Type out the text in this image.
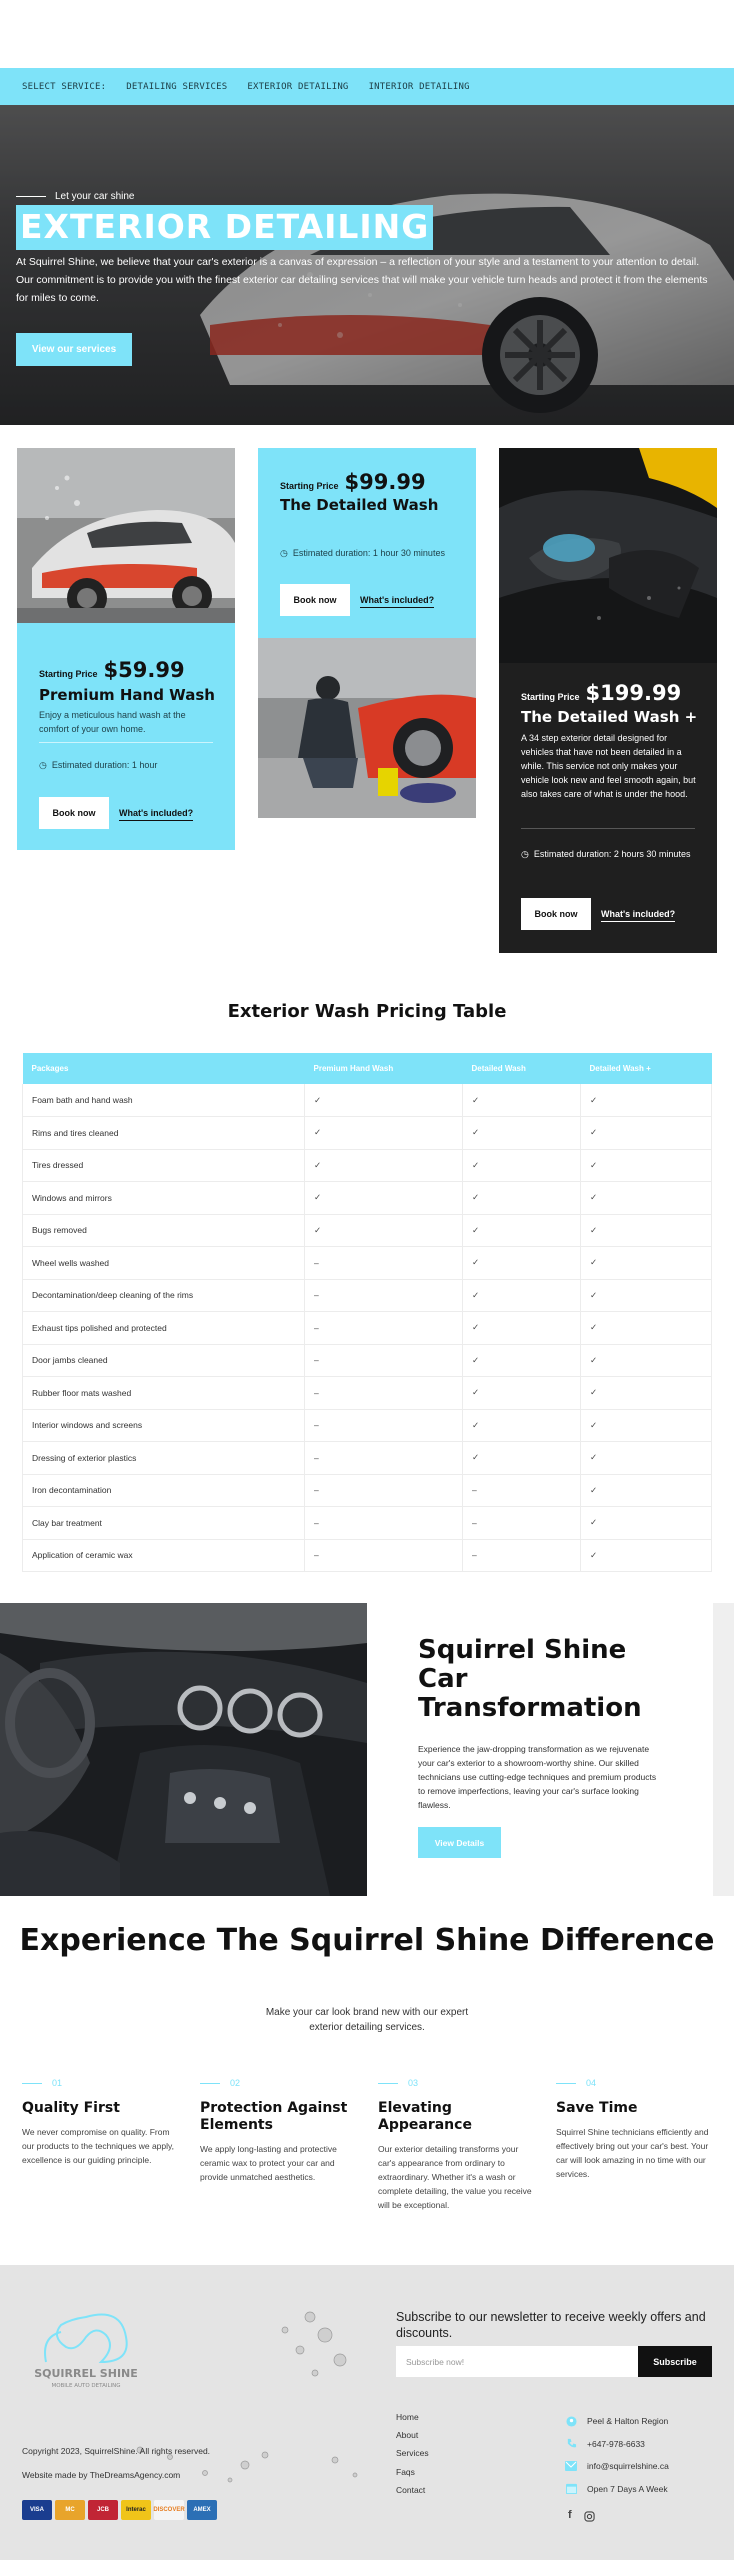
SELECT SERVICE: DETAILING SERVICES EXTERIOR DETAILING INTERIOR DETAILING
Let your car shine
EXTERIOR DETAILING
At Squirrel Shine, we believe that your car's exterior is a canvas of expression – a reflection of your style and a testament to your attention to detail. Our commitment is to provide you with the finest exterior car detailing services that will make your vehicle turn heads and protect it from the elements for miles to come.
View our services
Starting Price $59.99
Premium Hand Wash
Enjoy a meticulous hand wash at the comfort of your own home.
◷ Estimated duration: 1 hour
Book now	What's included?
Starting Price $99.99
The Detailed Wash
◷ Estimated duration: 1 hour 30 minutes
Book now	What's included?
Starting Price $199.99
The Detailed Wash +
A 34 step exterior detail designed for vehicles that have not been detailed in a while. This service not only makes your vehicle look new and feel smooth again, but also takes care of what is under the hood.
◷ Estimated duration: 2 hours 30 minutes
Book now	What's included?
Exterior Wash Pricing Table
Packages	Premium Hand Wash	Detailed Wash	Detailed Wash +
Foam bath and hand wash	✓	✓	✓
Rims and tires cleaned	✓	✓	✓
Tires dressed	✓	✓	✓
Windows and mirrors	✓	✓	✓
Bugs removed	✓	✓	✓
Wheel wells washed	–	✓	✓
Decontamination/deep cleaning of the rims	–	✓	✓
Exhaust tips polished and protected	–	✓	✓
Door jambs cleaned	–	✓	✓
Rubber floor mats washed	–	✓	✓
Interior windows and screens	–	✓	✓
Dressing of exterior plastics	–	✓	✓
Iron decontamination	–	–	✓
Clay bar treatment	–	–	✓
Application of ceramic wax	–	–	✓
Squirrel Shine Car Transformation
Experience the jaw-dropping transformation as we rejuvenate your car's exterior to a showroom-worthy shine. Our skilled technicians use cutting-edge techniques and premium products to remove imperfections, leaving your car's surface looking flawless.
View Details
Experience The Squirrel Shine Difference
Make your car look brand new with our expert exterior detailing services.
01
Quality First

We never compromise on quality. From our products to the techniques we apply, excellence is our guiding principle.

02
Protection Against Elements

We apply long-lasting and protective ceramic wax to protect your car and provide unmatched aesthetics.

03
Elevating Appearance

Our exterior detailing transforms your car's appearance from ordinary to extraordinary. Whether it's a wash or complete detailing, the value you receive will be exceptional.

04
Save Time

Squirrel Shine technicians efficiently and effectively bring out your car's best. Your car will look amazing in no time with our services.

SQUIRREL SHINE
MOBILE AUTO DETAILING
Subscribe to our newsletter to receive weekly offers and discounts.
Subscribe now!	Subscribe
Home
About
Services
Faqs
Contact
Peel & Halton Region
+647-978-6633
info@squirrelshine.ca
Open 7 Days A Week
f
Copyright 2023, SquirrelShine. All rights reserved.
Website made by TheDreamsAgency.com
VISA	MC	JCB	Interac	DISCOVER	AMEX
